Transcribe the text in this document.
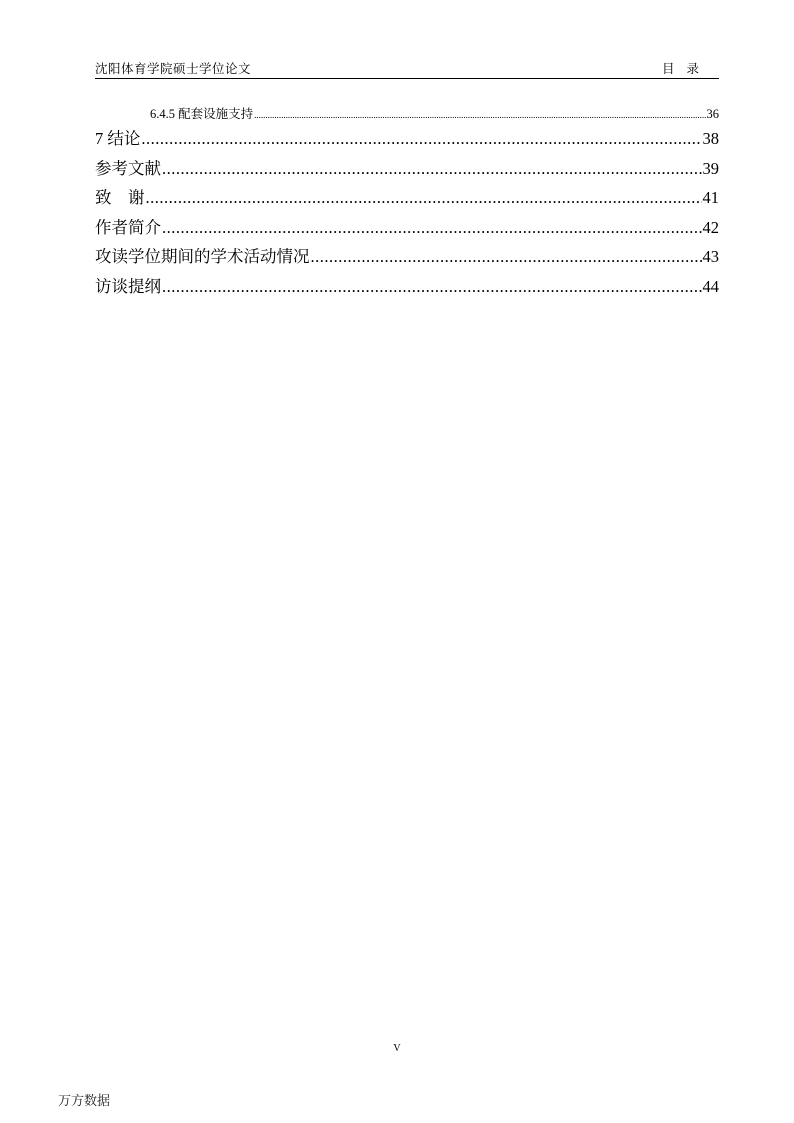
沈阳体育学院硕士学位论文	目录
6.4.5 配套设施支持 .....	36
7 结论 .....	38
参考文献 .....	39
致　谢 .....	41
作者简介 .....	42
攻读学位期间的学术活动情况 .....	43
访谈提纲 .....	44
V
万方数据
